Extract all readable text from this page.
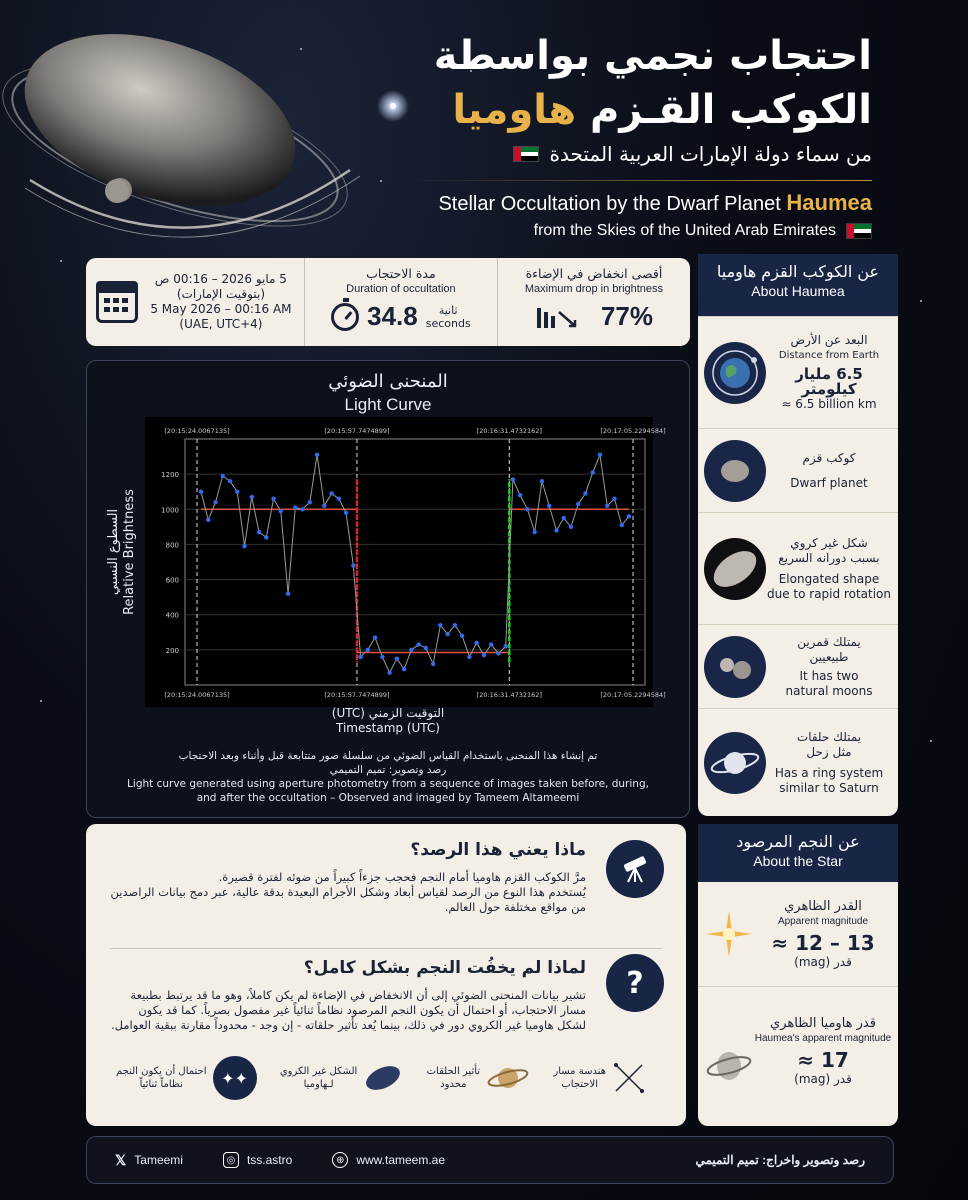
احتجاب نجمي بواسطة
الكوكب القـزم هاوميا
من سماء دولة الإمارات العربية المتحدة
Stellar Occultation by the Dwarf Planet Haumea
from the Skies of the United Arab Emirates
5 مايو 2026 – 00:16 ص
(بتوقيت الإمارات)
5 May 2026 – 00:16 AM
(UAE, UTC+4)
مدة الاحتجاب
Duration of occultation
34.8	ثانية
seconds
أقصى انخفاض في الإضاءة
Maximum drop in brightness
77%
المنحنى الضوئي
Light Curve
السطوع النسبي Relative Brightness
200
400
600
800
1000
1200
[20:15:24.0067135]
[20:15:24.0067135]
[20:15:57.7474899]
[20:15:57.7474899]
[20:16:31.4732162]
[20:16:31.4732162]
[20:17:05.2294584]
[20:17:05.2294584]
التوقيت الزمني (UTC)
Timestamp (UTC)
تم إنشاء هذا المنحنى باستخدام القياس الضوئي من سلسلة صور متتابعة قبل وأثناء وبعد الاحتجاب
رصد وتصوير: تميم التميمي
Light curve generated using aperture photometry from a sequence of images taken before, during,
and after the occultation – Observed and imaged by Tameem Altameemi
عن الكوكب القزم هاوميا
About Haumea
البعد عن الأرض
Distance from Earth
6.5 مليار كيلومتر
≈ 6.5 billion km
كوكب قزم
Dwarf planet
شكل غير كروي
بسبب دورانه السريع
Elongated shape
due to rapid rotation
يمتلك قمرين
طبيعيين
It has two
natural moons
يمتلك حلقات
مثل زحل
Has a ring system
similar to Saturn
ماذا يعني هذا الرصد؟
مرَّ الكوكب القزم هاوميا أمام النجم فحجب جزءاً كبيراً من ضوئه لفترة قصيرة.
يُستخدم هذا النوع من الرصد لقياس أبعاد وشكل الأجرام البعيدة بدقة عالية، عبر دمج بيانات الراصدين من مواقع مختلفة حول العالم.
?
لماذا لم يخفُت النجم بشكل كامل؟
تشير بيانات المنحنى الضوئي إلى أن الانخفاض في الإضاءة لم يكن كاملاً، وهو ما قد يرتبط بطبيعة مسار الاحتجاب، أو احتمال أن يكون النجم المرصود نظاماً ثنائياً غير مفصول بصرياً. كما قد يكون لشكل هاوميا غير الكروي دور في ذلك، بينما يُعد تأثير حلقاته - إن وجد - محدوداً مقارنة ببقية العوامل.
هندسة مسار
الاحتجاب
تأثير الحلقات
محدود
الشكل غير الكروي
لـهاوميا
✦✦
احتمال أن يكون النجم
نظاماً ثنائياً
عن النجم المرصود
About the Star
القدر الظاهري
Apparent magnitude
≈ 12 – 13
قدر (mag)
قدر هاوميا الظاهري
Haumea's apparent magnitude
≈ 17
قدر (mag)
𝕏 Tameemi	◎ tss.astro	⊕ www.tameem.ae	رصد وتصوير واخراج: تميم التميمي
